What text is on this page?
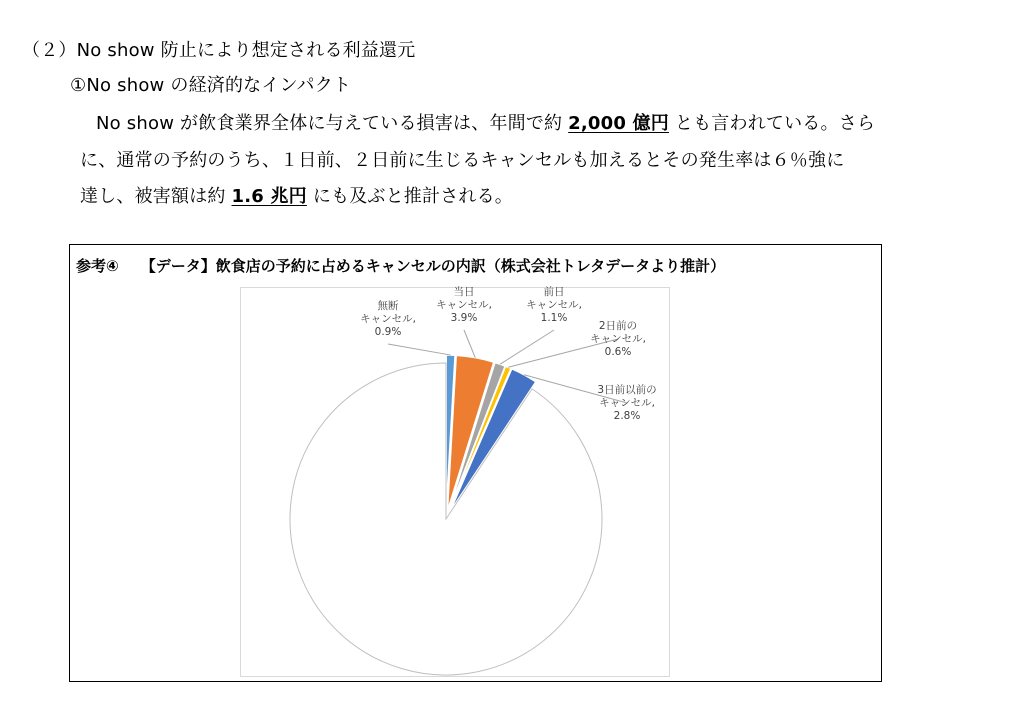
（２）No show 防止により想定される利益還元
①No show の経済的なインパクト
No show が飲食業界全体に与えている損害は、年間で約 2,000 億円 とも言われている。さら
に、通常の予約のうち、１日前、２日前に生じるキャンセルも加えるとその発生率は６％強に
達し、被害額は約 1.6 兆円 にも及ぶと推計される。
参考④ 【データ】飲食店の予約に占めるキャンセルの内訳（株式会社トレタデータより推計）
無断キャンセル, 0.9%
当日キャンセル, 3.9%
前日キャンセル, 1.1%
2日前のキャンセル, 0.6%
3日前以前のキャンセル, 2.8%
